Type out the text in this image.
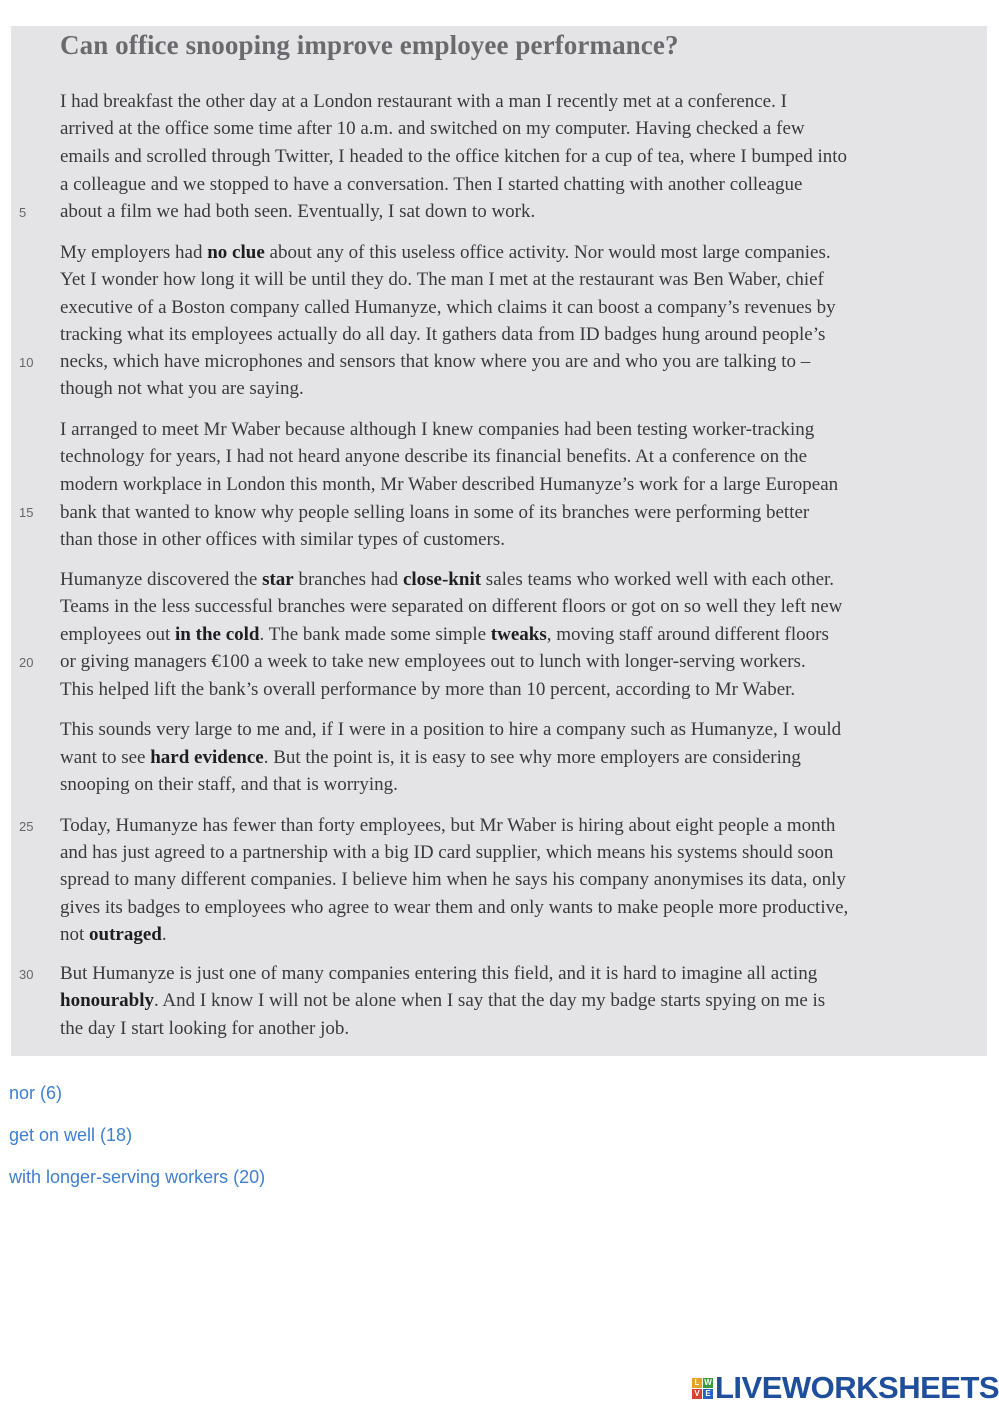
Can office snooping improve employee performance?
I had breakfast the other day at a London restaurant with a man I recently met at a conference. I
arrived at the office some time after 10 a.m. and switched on my computer. Having checked a few
emails and scrolled through Twitter, I headed to the office kitchen for a cup of tea, where I bumped into
a colleague and we stopped to have a conversation. Then I started chatting with another colleague
about a film we had both seen. Eventually, I sat down to work.
My employers had no clue about any of this useless office activity. Nor would most large companies.
Yet I wonder how long it will be until they do. The man I met at the restaurant was Ben Waber, chief
executive of a Boston company called Humanyze, which claims it can boost a company’s revenues by
tracking what its employees actually do all day. It gathers data from ID badges hung around people’s
necks, which have microphones and sensors that know where you are and who you are talking to –
though not what you are saying.
I arranged to meet Mr Waber because although I knew companies had been testing worker-tracking
technology for years, I had not heard anyone describe its financial benefits. At a conference on the
modern workplace in London this month, Mr Waber described Humanyze’s work for a large European
bank that wanted to know why people selling loans in some of its branches were performing better
than those in other offices with similar types of customers.
Humanyze discovered the star branches had close-knit sales teams who worked well with each other.
Teams in the less successful branches were separated on different floors or got on so well they left new
employees out in the cold. The bank made some simple tweaks, moving staff around different floors
or giving managers €100 a week to take new employees out to lunch with longer-serving workers.
This helped lift the bank’s overall performance by more than 10 percent, according to Mr Waber.
This sounds very large to me and, if I were in a position to hire a company such as Humanyze, I would
want to see hard evidence. But the point is, it is easy to see why more employers are considering
snooping on their staff, and that is worrying.
Today, Humanyze has fewer than forty employees, but Mr Waber is hiring about eight people a month
and has just agreed to a partnership with a big ID card supplier, which means his systems should soon
spread to many different companies. I believe him when he says his company anonymises its data, only
gives its badges to employees who agree to wear them and only wants to make people more productive,
not outraged.
But Humanyze is just one of many companies entering this field, and it is hard to imagine all acting
honourably. And I know I will not be alone when I say that the day my badge starts spying on me is
the day I start looking for another job.
5
10
15
20
25
30
nor (6)
get on well (18)
with longer-serving workers (20)
L W
V E LIVEWORKSHEETS
